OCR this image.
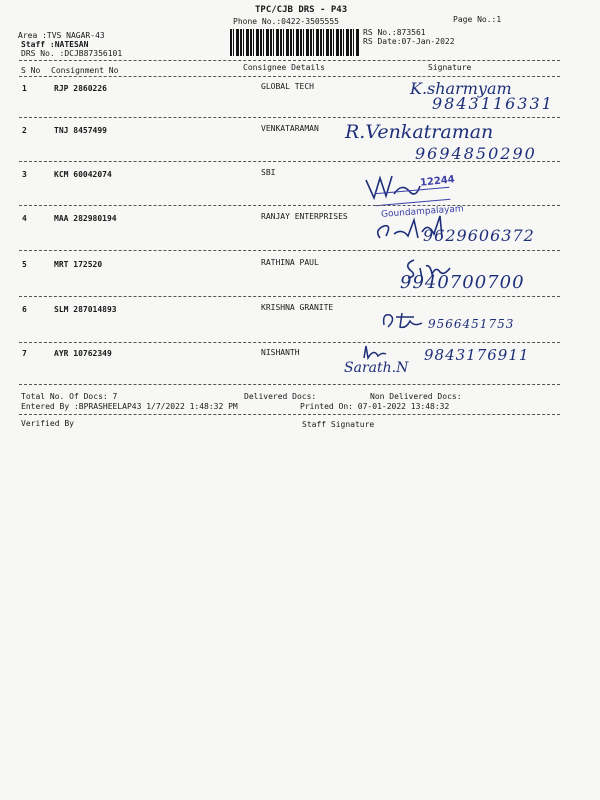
TPC/CJB DRS - P43
Phone No.:0422-3505555	Page No.:1
RS No.:873561
RS Date:07-Jan-2022
Area :TVS NAGAR-43
Staff :NATESAN
DRS No. :DCJB87356101
S No Consignment No	Consignee Details	Signature
1	RJP 2860226	GLOBAL TECH	K.sharmyam
9843116331
2	TNJ 8457499	VENKATARAMAN R.Venkatraman
9694850290
3	KCM 60042074	SBI
12244
Goundampalayam
4	MAA 282980194	RANJAY ENTERPRISES
9629606372
5	MRT 172520	RATHINA PAUL
9940700700
6	SLM 287014893	KRISHNA GRANITE
9566451753
7	AYR 10762349	NISHANTH
Sarath.N
9843176911
Total No. Of Docs: 7	Delivered Docs:	Non Delivered Docs:
Entered By :BPRASHEELAP43 1/7/2022 1:48:32 PM	Printed On: 07-01-2022 13:48:32
Verified By	Staff Signature
